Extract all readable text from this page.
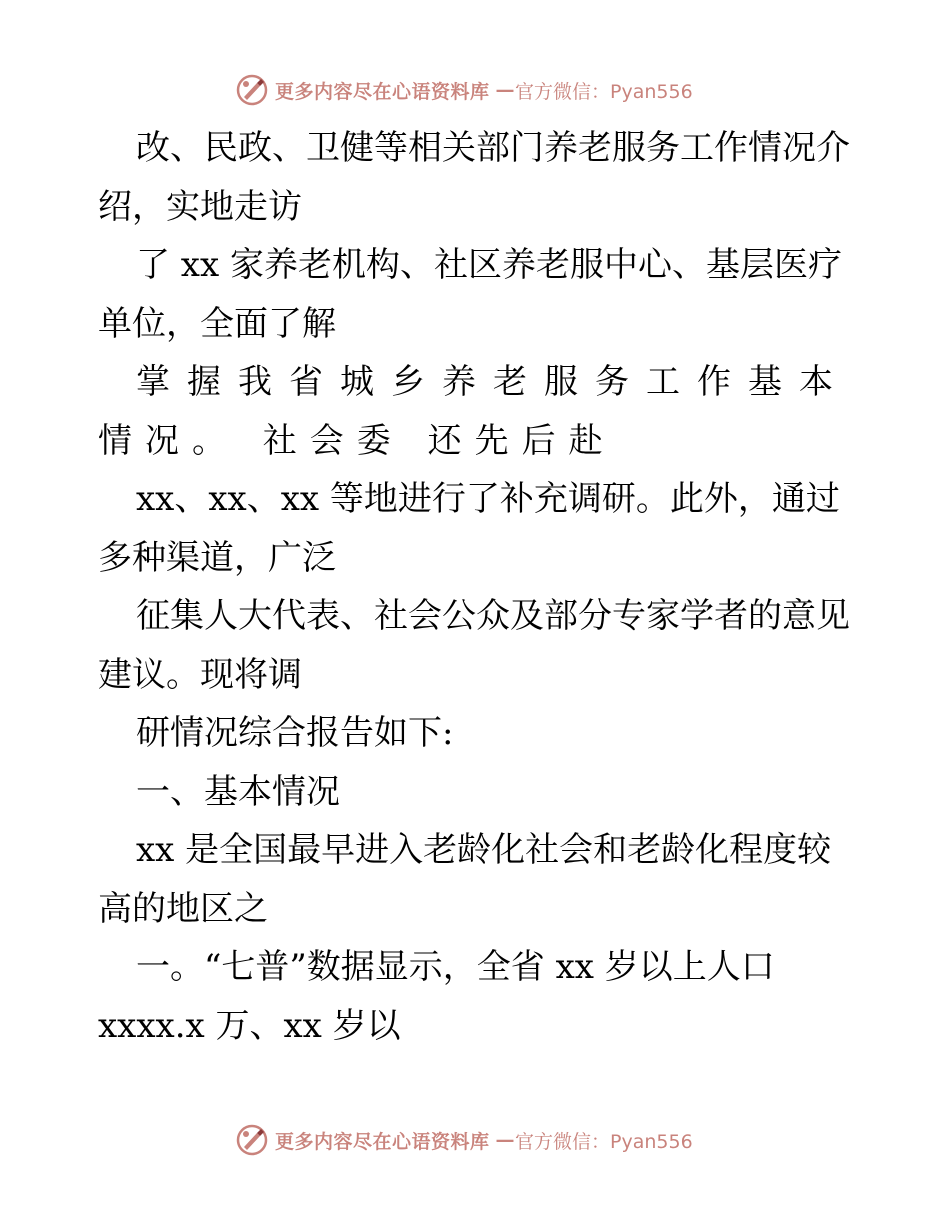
更多内容尽在心语资料库 — 官方微信：Pyan556
改、民政、卫健等相关部门养老服务工作情况介
绍，实地走访
了 xx 家养老机构、社区养老服中心、基层医疗
单位，全面了解
掌握我省城乡养老服务工作基本
情况。 社会委 还先后赴
xx、xx、xx 等地进行了补充调研。此外，通过
多种渠道，广泛
征集人大代表、社会公众及部分专家学者的意见
建议。现将调
研情况综合报告如下:
一、基本情况
xx 是全国最早进入老龄化社会和老龄化程度较
高的地区之
一。“七普”数据显示，全省 xx 岁以上人口
xxxx.x 万、xx 岁以
更多内容尽在心语资料库 — 官方微信：Pyan556
